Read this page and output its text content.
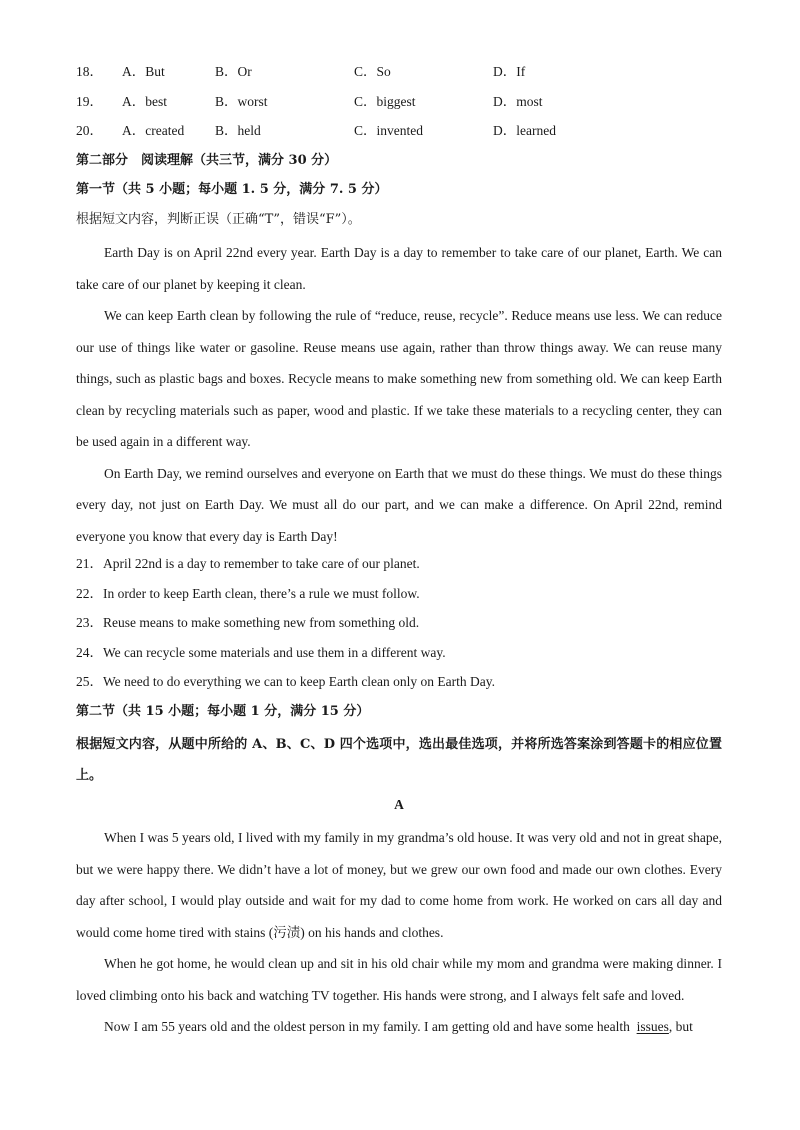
18．	A．But	B．Or	C．So	D．If
19．	A．best	B．worst	C．biggest	D．most
20．	A．created	B．held	C．invented	D．learned
第二部分　阅读理解（共三节，满分 30 分）
第一节（共 5 小题；每小题 1. 5 分，满分 7. 5 分）
根据短文内容，判断正误（正确“T”，错误“F”）。

Earth Day is on April 22nd every year. Earth Day is a day to remember to take care of our planet, Earth. We can take care of our planet by keeping it clean.

We can keep Earth clean by following the rule of “reduce, reuse, recycle”. Reduce means use less. We can reduce our use of things like water or gasoline. Reuse means use again, rather than throw things away. We can reuse many things, such as plastic bags and boxes. Recycle means to make something new from something old. We can keep Earth clean by recycling materials such as paper, wood and plastic. If we take these materials to a recycling center, they can be used again in a different way.

On Earth Day, we remind ourselves and everyone on Earth that we must do these things. We must do these things every day, not just on Earth Day. We must all do our part, and we can make a difference. On April 22nd, remind everyone you know that every day is Earth Day!

21．April 22nd is a day to remember to take care of our planet.
22．In order to keep Earth clean, there’s a rule we must follow.
23．Reuse means to make something new from something old.
24．We can recycle some materials and use them in a different way.
25．We need to do everything we can to keep Earth clean only on Earth Day.
第二节（共 15 小题；每小题 1 分，满分 15 分）
根据短文内容，从题中所给的 A、B、C、D 四个选项中，选出最佳选项，并将所选答案涂到答题卡的相应位置上。
A

When I was 5 years old, I lived with my family in my grandma’s old house. It was very old and not in great shape, but we were happy there. We didn’t have a lot of money, but we grew our own food and made our own clothes. Every day after school, I would play outside and wait for my dad to come home from work. He worked on cars all day and would come home tired with stains (污渍) on his hands and clothes.

When he got home, he would clean up and sit in his old chair while my mom and grandma were making dinner. I loved climbing onto his back and watching TV together. His hands were strong, and I always felt safe and loved.

Now I am 55 years old and the oldest person in my family. I am getting old and have some health issues, but
